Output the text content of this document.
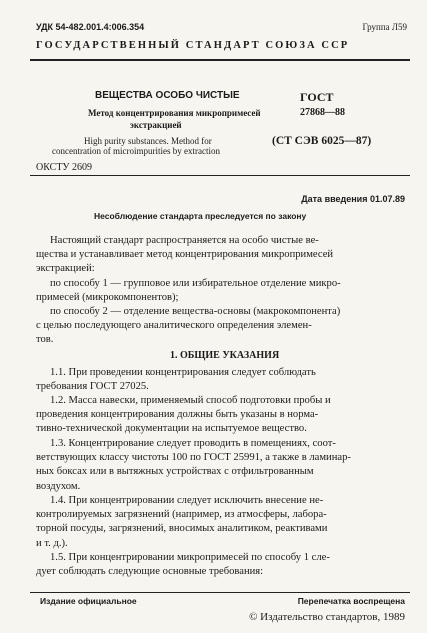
УДК 54-482.001.4:006.354	Группа Л59
ГОСУДАРСТВЕННЫЙ СТАНДАРТ СОЮЗА ССР
ВЕЩЕСТВА ОСОБО ЧИСТЫЕ
Метод концентрирования микропримесей
экстракцией
High purity substances. Method for
concentration of microimpurities by extraction
ГОСТ
27868—88
(СТ СЭВ 6025—87)
ОКСТУ 2609
Дата введения 01.07.89
Несоблюдение стандарта преследуется по закону
Настоящий стандарт распространяется на особо чистые ве-
щества и устанавливает метод концентрирования микропримесей
экстракцией:
по способу 1 — групповое или избирательное отделение микро-
примесей (микрокомпонентов);
по способу 2 — отделение вещества-основы (макрокомпонента)
с целью последующего аналитического определения элемен-
тов.
1. ОБЩИЕ УКАЗАНИЯ
1.1. При проведении концентрирования следует соблюдать
требования ГОСТ 27025.
1.2. Масса навески, применяемый способ подготовки пробы и
проведения концентрирования должны быть указаны в норма-
тивно-технической документации на испытуемое вещество.
1.3. Концентрирование следует проводить в помещениях, соот-
ветствующих классу чистоты 100 по ГОСТ 25991, а также в ламинар-
ных боксах или в вытяжных устройствах с отфильтрованным
воздухом.
1.4. При концентрировании следует исключить внесение не-
контролируемых загрязнений (например, из атмосферы, лабора-
торной посуды, загрязнений, вносимых аналитиком, реактивами
и т. д.).
1.5. При концентрировании микропримесей по способу 1 сле-
дует соблюдать следующие основные требования:
Издание официальное	Перепечатка воспрещена
© Издательство стандартов, 1989
